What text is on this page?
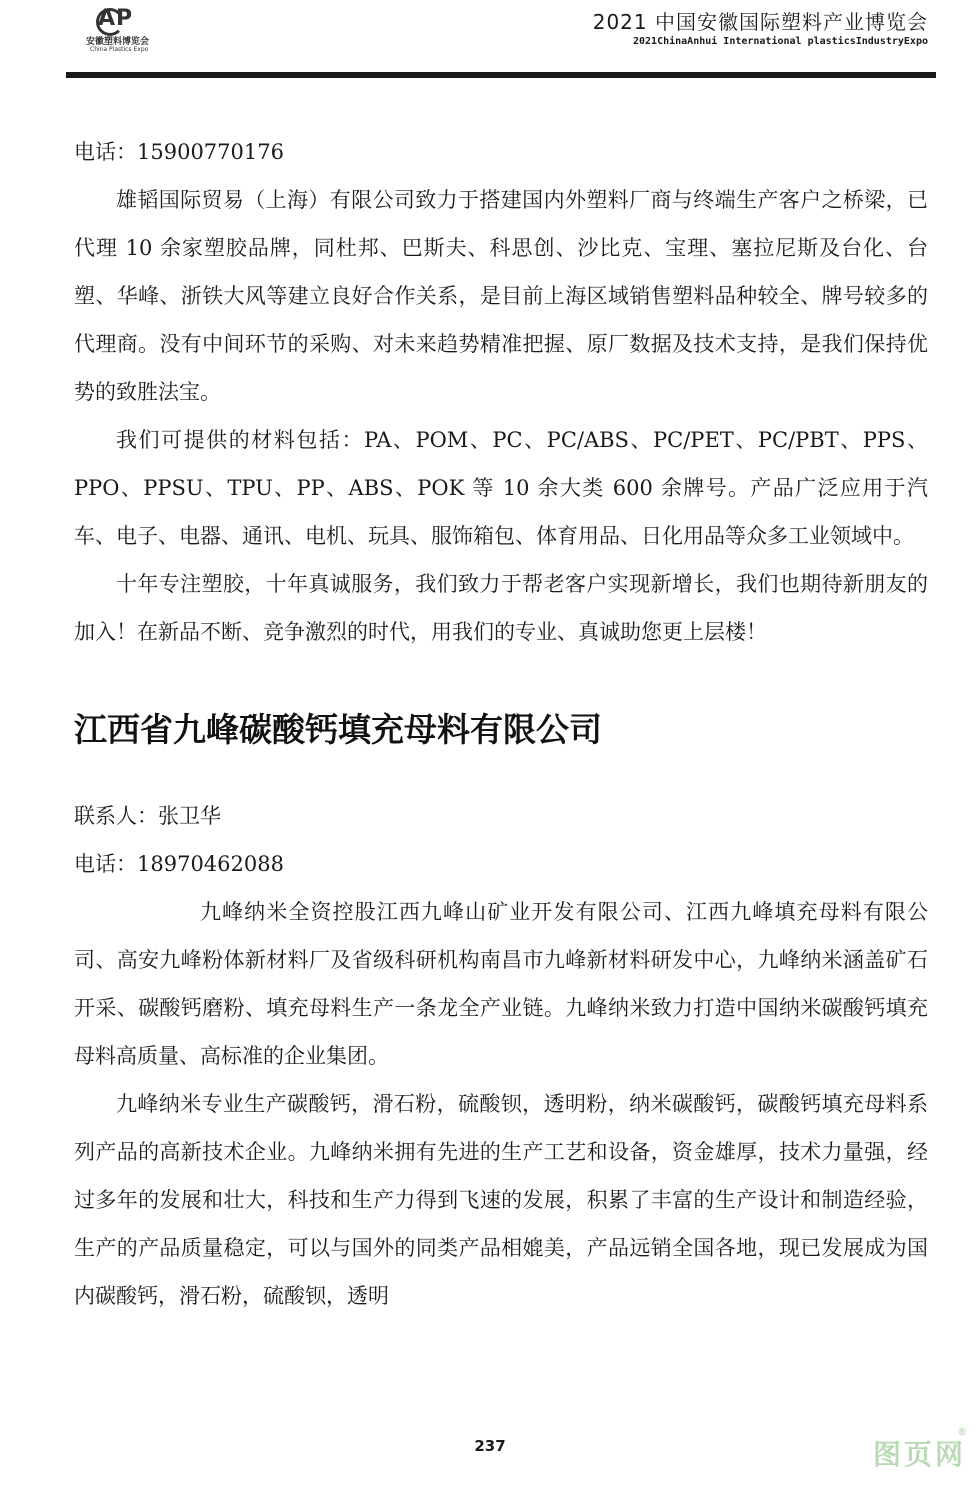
AP
安徽塑料博览会
China Plastics Expo
2021 中国安徽国际塑料产业博览会
2021ChinaAnhui International plasticsIndustryExpo
电话：15900770176

雄韬国际贸易（上海）有限公司致力于搭建国内外塑料厂商与终端生产客户之桥梁，已代理 10 余家塑胶品牌，同杜邦、巴斯夫、科思创、沙比克、宝理、塞拉尼斯及台化、台塑、华峰、浙铁大风等建立良好合作关系，是目前上海区域销售塑料品种较全、牌号较多的代理商。没有中间环节的采购、对未来趋势精准把握、原厂数据及技术支持，是我们保持优势的致胜法宝。

我们可提供的材料包括：PA、POM、PC、PC/ABS、PC/PET、PC/PBT、PPS、PPO、PPSU、TPU、PP、ABS、POK 等 10 余大类 600 余牌号。产品广泛应用于汽车、电子、电器、通讯、电机、玩具、服饰箱包、体育用品、日化用品等众多工业领域中。

十年专注塑胶，十年真诚服务，我们致力于帮老客户实现新增长，我们也期待新朋友的加入！在新品不断、竞争激烈的时代，用我们的专业、真诚助您更上层楼！

江西省九峰碳酸钙填充母料有限公司
联系人：张卫华
电话：18970462088

九峰纳米全资控股江西九峰山矿业开发有限公司、江西九峰填充母料有限公司、高安九峰粉体新材料厂及省级科研机构南昌市九峰新材料研发中心，九峰纳米涵盖矿石开采、碳酸钙磨粉、填充母料生产一条龙全产业链。九峰纳米致力打造中国纳米碳酸钙填充母料高质量、高标准的企业集团。

九峰纳米专业生产碳酸钙，滑石粉，硫酸钡，透明粉，纳米碳酸钙，碳酸钙填充母料系列产品的高新技术企业。九峰纳米拥有先进的生产工艺和设备，资金雄厚，技术力量强，经过多年的发展和壮大，科技和生产力得到飞速的发展，积累了丰富的生产设计和制造经验，生产的产品质量稳定，可以与国外的同类产品相媲美，产品远销全国各地，现已发展成为国内碳酸钙，滑石粉，硫酸钡，透明

237	图页网
®
